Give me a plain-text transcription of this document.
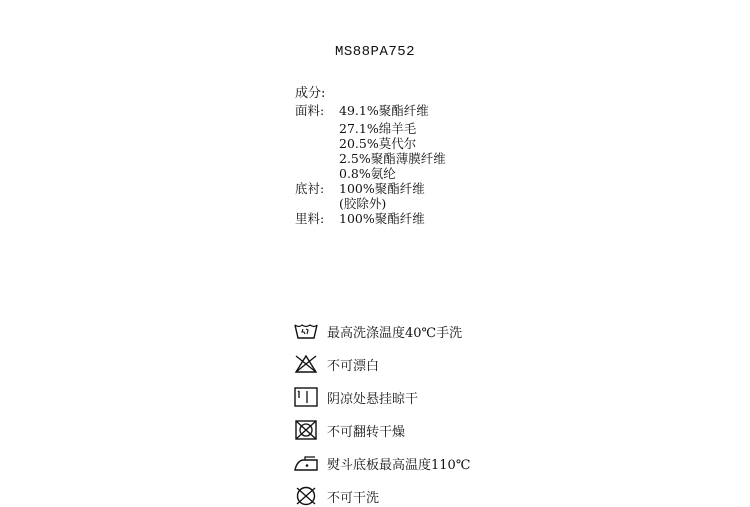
MS88PA752
成分:
面料: 49.1%聚酯纤维
27.1%绵羊毛
20.5%莫代尔
2.5%聚酯薄膜纤维
0.8%氨纶
底衬: 100%聚酯纤维
(胶除外)
里料: 100%聚酯纤维
最高洗涤温度40℃手洗
不可漂白
阴凉处悬挂晾干
不可翻转干燥
熨斗底板最高温度110℃
不可干洗
